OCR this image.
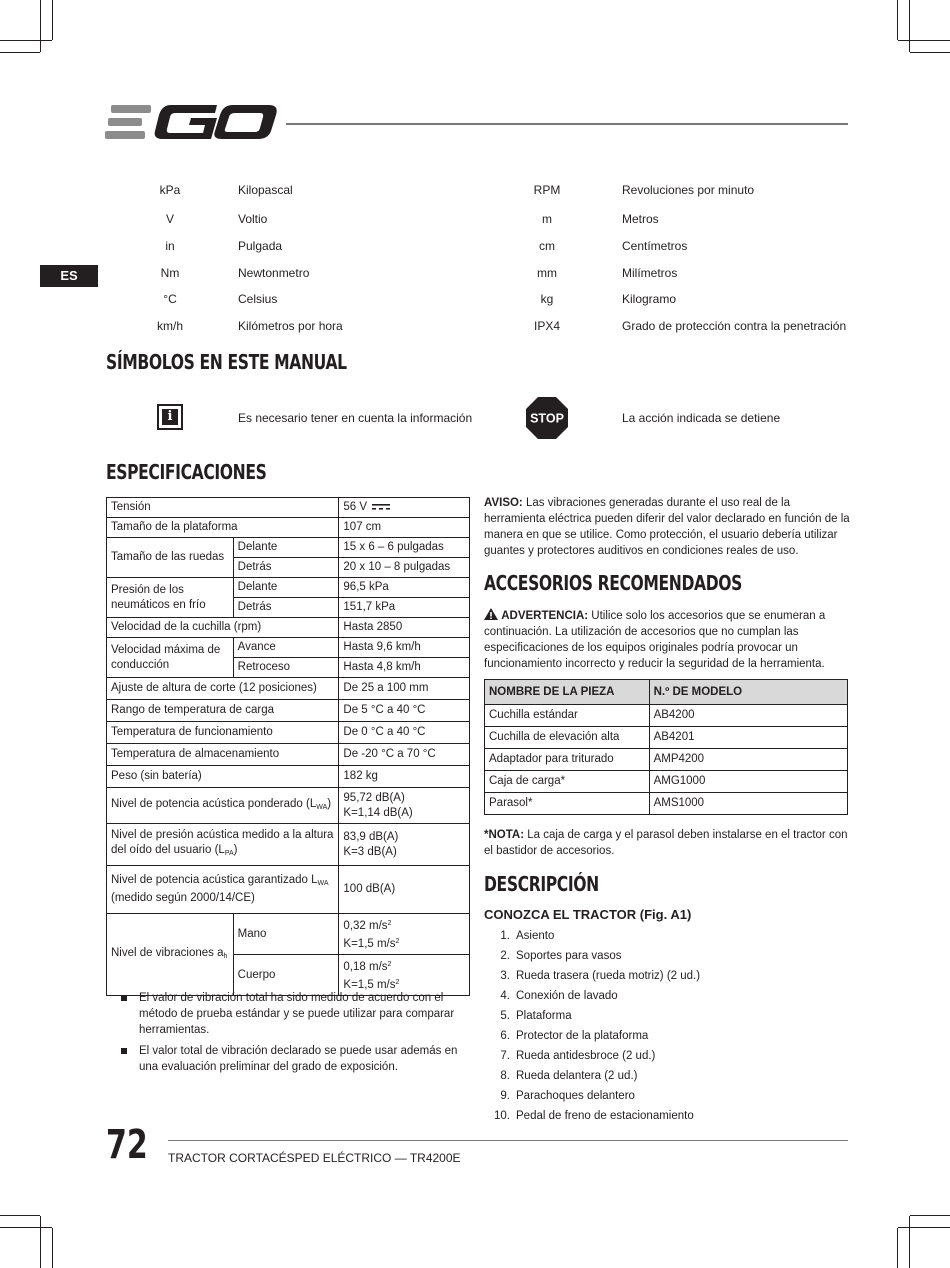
ES
kPa	Kilopascal	RPM	Revoluciones por minuto
V	Voltio	m	Metros
in	Pulgada	cm	Centímetros
Nm	Newtonmetro	mm	Milímetros
°C	Celsius	kg	Kilogramo
km/h	Kilómetros por hora	IPX4	Grado de protección contra la penetración
SÍMBOLOS EN ESTE MANUAL
i	Es necesario tener en cuenta la información	STOP	La acción indicada se detiene
ESPECIFICACIONES
Tensión		56 V
Tamaño de la plataforma		107 cm
Tamaño de las ruedas	Delante	15 x 6 – 6 pulgadas
	Detrás	20 x 10 – 8 pulgadas
Presión de los neumáticos en frío	Delante	96,5 kPa
	Detrás	151,7 kPa
Velocidad de la cuchilla (rpm)		Hasta 2850
Velocidad máxima de conducción	Avance	Hasta 9,6 km/h
	Retroceso	Hasta 4,8 km/h
Ajuste de altura de corte (12 posiciones)		De 25 a 100 mm
Rango de temperatura de carga		De 5 °C a 40 °C
Temperatura de funcionamiento		De 0 °C a 40 °C
Temperatura de almacenamiento		De -20 °C a 70 °C
Peso (sin batería)		182 kg
Nivel de potencia acústica ponderado $(L_{WA})$		95,72 dB(A)
K=1,14 dB(A)

Nivel de presión acústica medido a la altura del oído del usuario $(L_{PA})$		83,9 dB(A)
K=3 dB(A)

Nivel de potencia acústica garantizado $L_{WA}$
(medido según 2000/14/CE)		100 dB(A)
Nivel de vibraciones $a_h$	Mano	0,32 $m/s^2$
K=1,5 $m/s^2$

	Cuerpo	0,18 $m/s^2$
K=1,5 $m/s^2$
El valor de vibración total ha sido medido de acuerdo con el método de prueba estándar y se puede utilizar para comparar herramientas.
El valor total de vibración declarado se puede usar además en una evaluación preliminar del grado de exposición.
AVISO: Las vibraciones generadas durante el uso real de la herramienta eléctrica pueden diferir del valor declarado en función de la manera en que se utilice. Como protección, el usuario debería utilizar guantes y protectores auditivos en condiciones reales de uso.
ACCESORIOS RECOMENDADOS
ADVERTENCIA: Utilice solo los accesorios que se enumeran a continuación. La utilización de accesorios que no cumplan las especificaciones de los equipos originales podría provocar un funcionamiento incorrecto y reducir la seguridad de la herramienta.
NOMBRE DE LA PIEZA	N.º DE MODELO
Cuchilla estándar	AB4200
Cuchilla de elevación alta	AB4201
Adaptador para triturado	AMP4200
Caja de carga*	AMG1000
Parasol*	AMS1000
*NOTA: La caja de carga y el parasol deben instalarse en el tractor con el bastidor de accesorios.
DESCRIPCIÓN
CONOZCA EL TRACTOR (Fig. A1)
1. Asiento
2. Soportes para vasos
3. Rueda trasera (rueda motriz) (2 ud.)
4. Conexión de lavado
5. Plataforma
6. Protector de la plataforma
7. Rueda antidesbroce (2 ud.)
8. Rueda delantera (2 ud.)
9. Parachoques delantero
10. Pedal de freno de estacionamiento
72 TRACTOR CORTACÉSPED ELÉCTRICO — TR4200E
